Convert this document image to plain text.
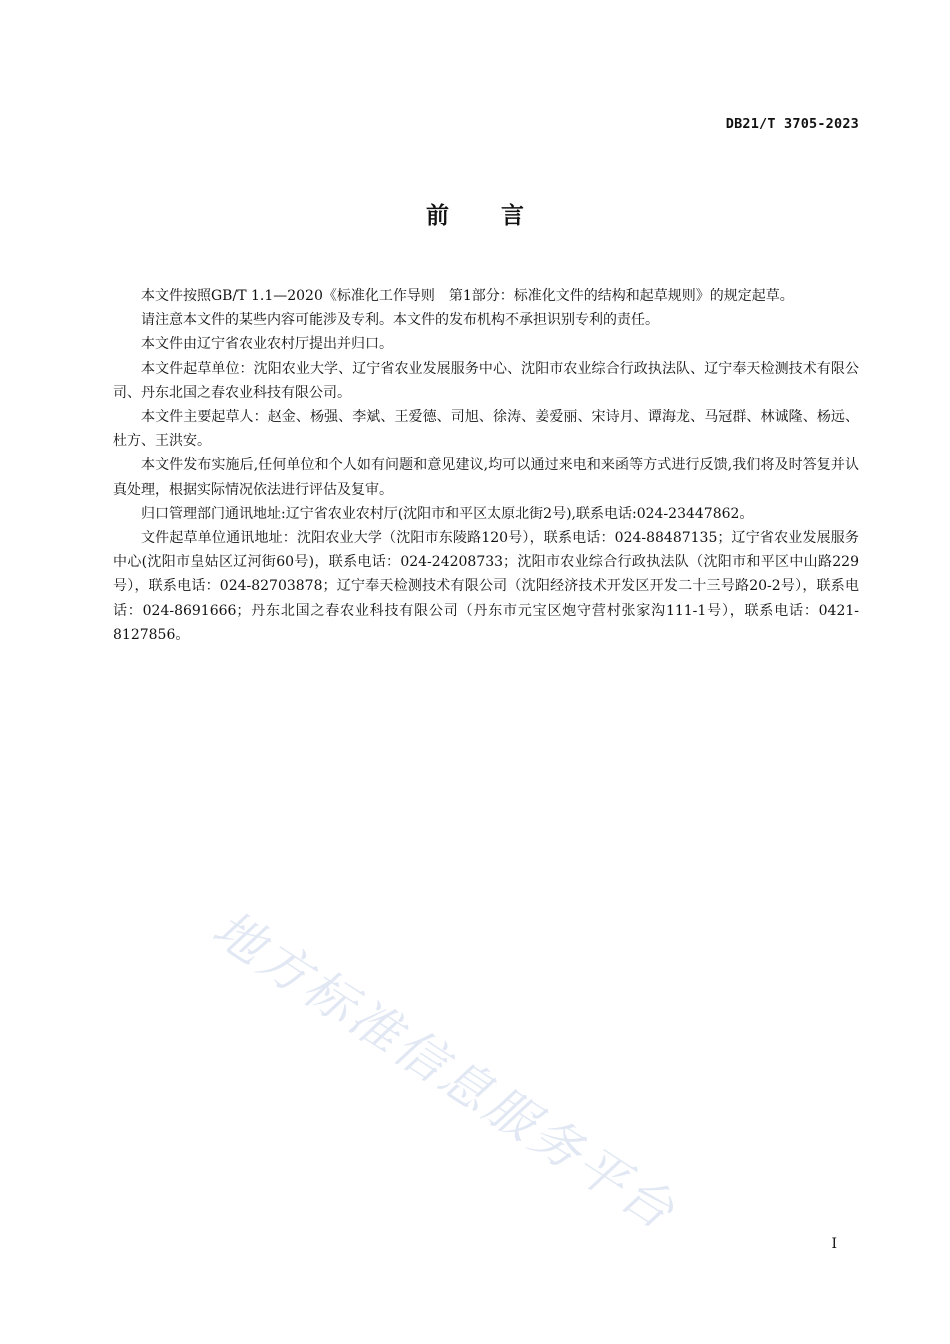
DB21/T 3705-2023
前 言

本文件按照GB/T 1.1—2020《标准化工作导则　第1部分：标准化文件的结构和起草规则》的规定起草。

请注意本文件的某些内容可能涉及专利。本文件的发布机构不承担识别专利的责任。

本文件由辽宁省农业农村厅提出并归口。

本文件起草单位：沈阳农业大学、辽宁省农业发展服务中心、沈阳市农业综合行政执法队、辽宁奉天检测技术有限公司、丹东北国之春农业科技有限公司。

本文件主要起草人：赵金、杨强、李斌、王爱德、司旭、徐涛、姜爱丽、宋诗月、谭海龙、马冠群、林诚隆、杨远、杜方、王洪安。

本文件发布实施后,任何单位和个人如有问题和意见建议,均可以通过来电和来函等方式进行反馈,我们将及时答复并认真处理，根据实际情况依法进行评估及复审。

归口管理部门通讯地址:辽宁省农业农村厅(沈阳市和平区太原北街2号),联系电话:024-23447862。

文件起草单位通讯地址：沈阳农业大学（沈阳市东陵路120号），联系电话：024-88487135；辽宁省农业发展服务中心(沈阳市皇姑区辽河街60号)，联系电话：024-24208733；沈阳市农业综合行政执法队（沈阳市和平区中山路229号），联系电话：024-82703878；辽宁奉天检测技术有限公司（沈阳经济技术开发区开发二十三号路20-2号），联系电话：024-8691666；丹东北国之春农业科技有限公司（丹东市元宝区炮守营村张家沟111-1号），联系电话：0421-8127856。

地方标准信息服务平台
I
